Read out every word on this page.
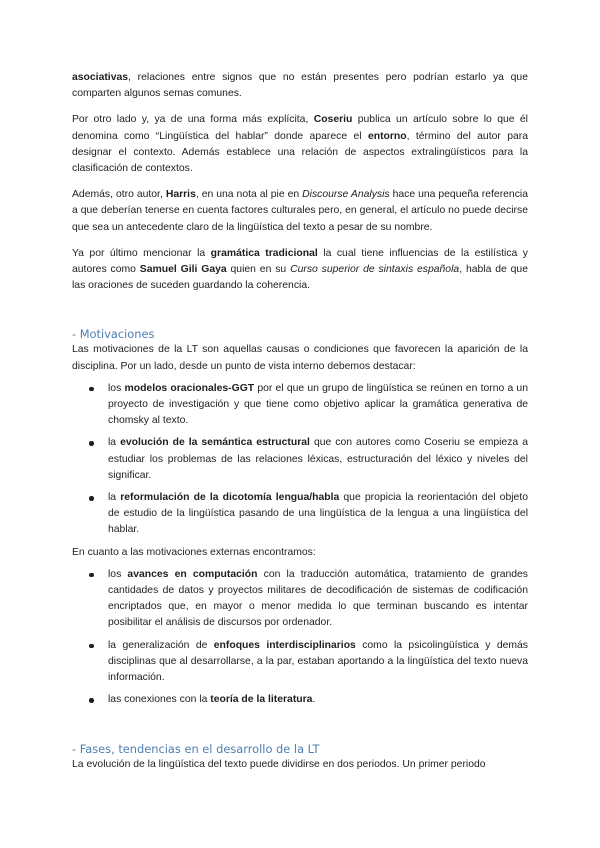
asociativas, relaciones entre signos que no están presentes pero podrían estarlo ya que comparten algunos semas comunes.

Por otro lado y, ya de una forma más explícita, Coseriu publica un artículo sobre lo que él denomina como “Lingüística del hablar” donde aparece el entorno, término del autor para designar el contexto. Además establece una relación de aspectos extralingüísticos para la clasificación de contextos.

Además, otro autor, Harris, en una nota al pie en Discourse Analysis hace una pequeña referencia a que deberían tenerse en cuenta factores culturales pero, en general, el artículo no puede decirse que sea un antecedente claro de la lingüística del texto a pesar de su nombre.

Ya por último mencionar la gramática tradicional la cual tiene influencias de la estilística y autores como Samuel Gili Gaya quien en su Curso superior de sintaxis española, habla de que las oraciones de suceden guardando la coherencia.

- Motivaciones

Las motivaciones de la LT son aquellas causas o condiciones que favorecen la aparición de la disciplina. Por un lado, desde un punto de vista interno debemos destacar:

los modelos oracionales-GGT por el que un grupo de lingüística se reúnen en torno a un proyecto de investigación y que tiene como objetivo aplicar la gramática generativa de chomsky al texto.

la evolución de la semántica estructural que con autores como Coseriu se empieza a estudiar los problemas de las relaciones léxicas, estructuración del léxico y niveles del significar.

la reformulación de la dicotomía lengua/habla que propicia la reorientación del objeto de estudio de la lingüística pasando de una lingüística de la lengua a una lingüística del hablar.

En cuanto a las motivaciones externas encontramos:

los avances en computación con la traducción automática, tratamiento de grandes cantidades de datos y proyectos militares de decodificación de sistemas de codificación encriptados que, en mayor o menor medida lo que terminan buscando es intentar posibilitar el análisis de discursos por ordenador.

la generalización de enfoques interdisciplinarios como la psicolingüística y demás disciplinas que al desarrollarse, a la par, estaban aportando a la lingüística del texto nueva información.

las conexiones con la teoría de la literatura.

- Fases, tendencias en el desarrollo de la LT

La evolución de la lingüística del texto puede dividirse en dos periodos. Un primer periodo
